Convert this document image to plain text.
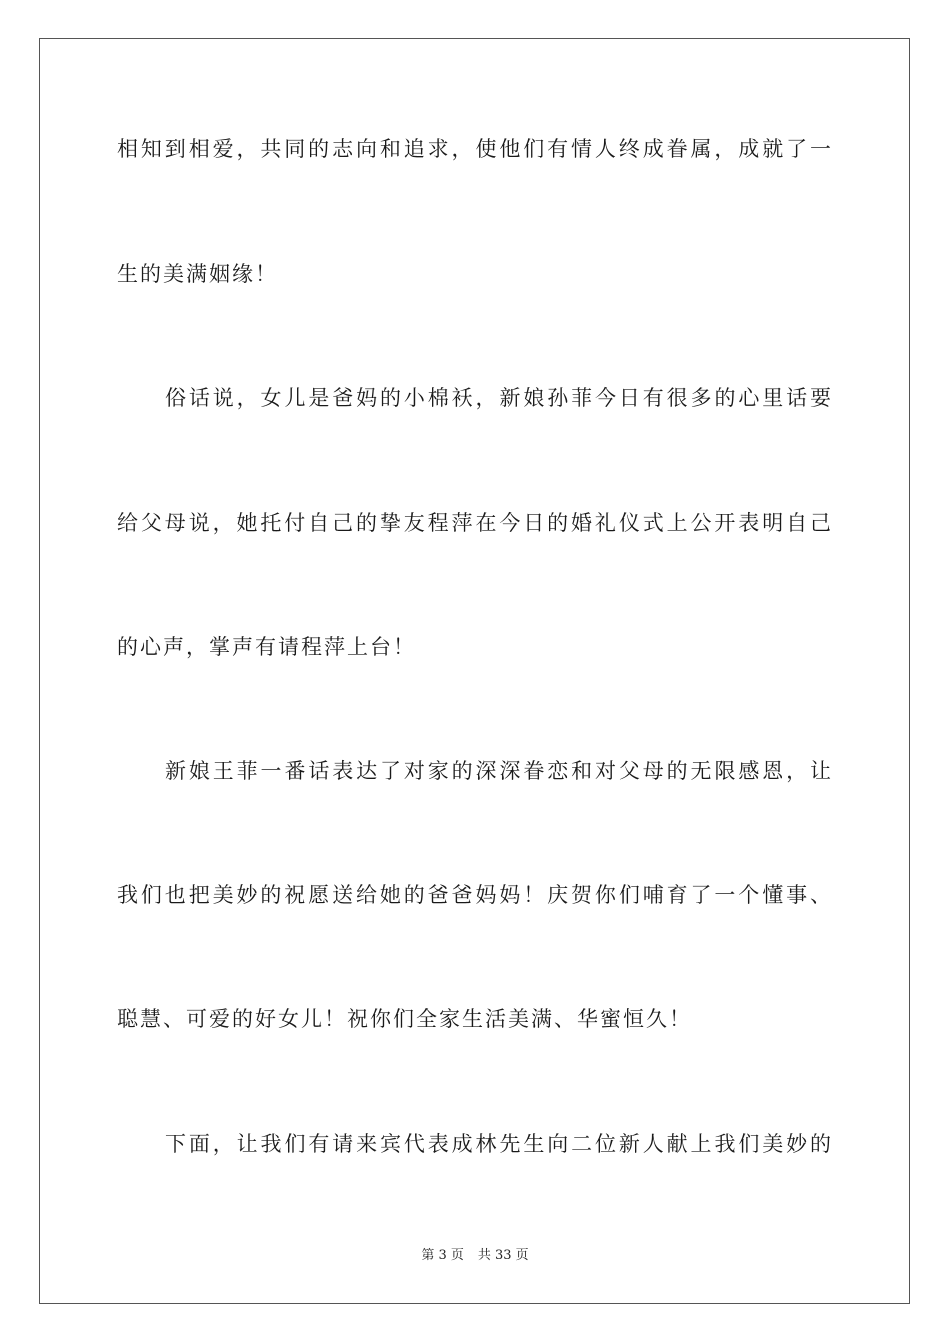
相知到相爱，共同的志向和追求，使他们有情人终成眷属，成就了一
生的美满姻缘！
俗话说，女儿是爸妈的小棉袄，新娘孙菲今日有很多的心里话要
给父母说，她托付自己的挚友程萍在今日的婚礼仪式上公开表明自己
的心声，掌声有请程萍上台！
新娘王菲一番话表达了对家的深深眷恋和对父母的无限感恩，让
我们也把美妙的祝愿送给她的爸爸妈妈！庆贺你们哺育了一个懂事、
聪慧、可爱的好女儿！祝你们全家生活美满、华蜜恒久！
下面，让我们有请来宾代表成林先生向二位新人献上我们美妙的
第 3 页 共 33 页
